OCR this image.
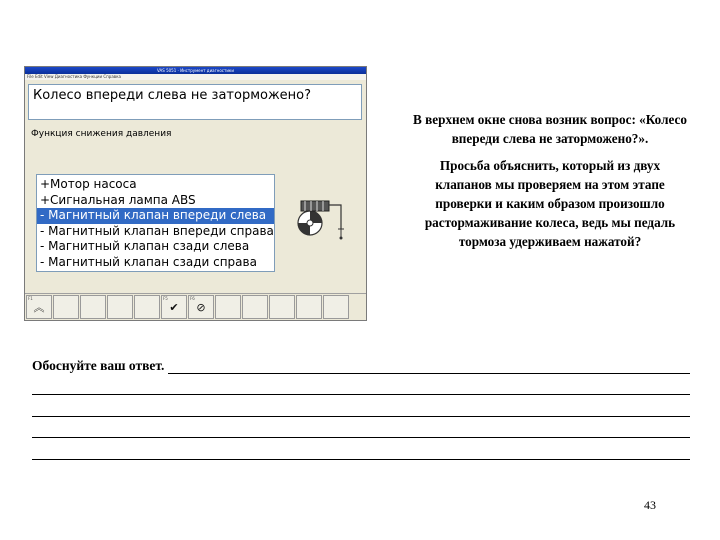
VAS 5051 · Инструмент диагностики
File Edit View Диагностика Функции Справка
Колесо впереди слева не заторможено?
Функция снижения давления
+Мотор насоса
+Сигнальная лампа ABS
- Магнитный клапан впереди слева
- Магнитный клапан впереди справа
- Магнитный клапан сзади слева
- Магнитный клапан сзади справа
F1
︽
F5
✔
F6
⊘

В верхнем окне снова возник вопрос: «Колесо впереди слева не заторможено?».

Просьба объяснить, который из двух клапанов мы проверяем на этом этапе проверки и каким образом произошло растормаживание колеса, ведь мы педаль тормоза удерживаем нажатой?

Обоснуйте ваш ответ.
43
